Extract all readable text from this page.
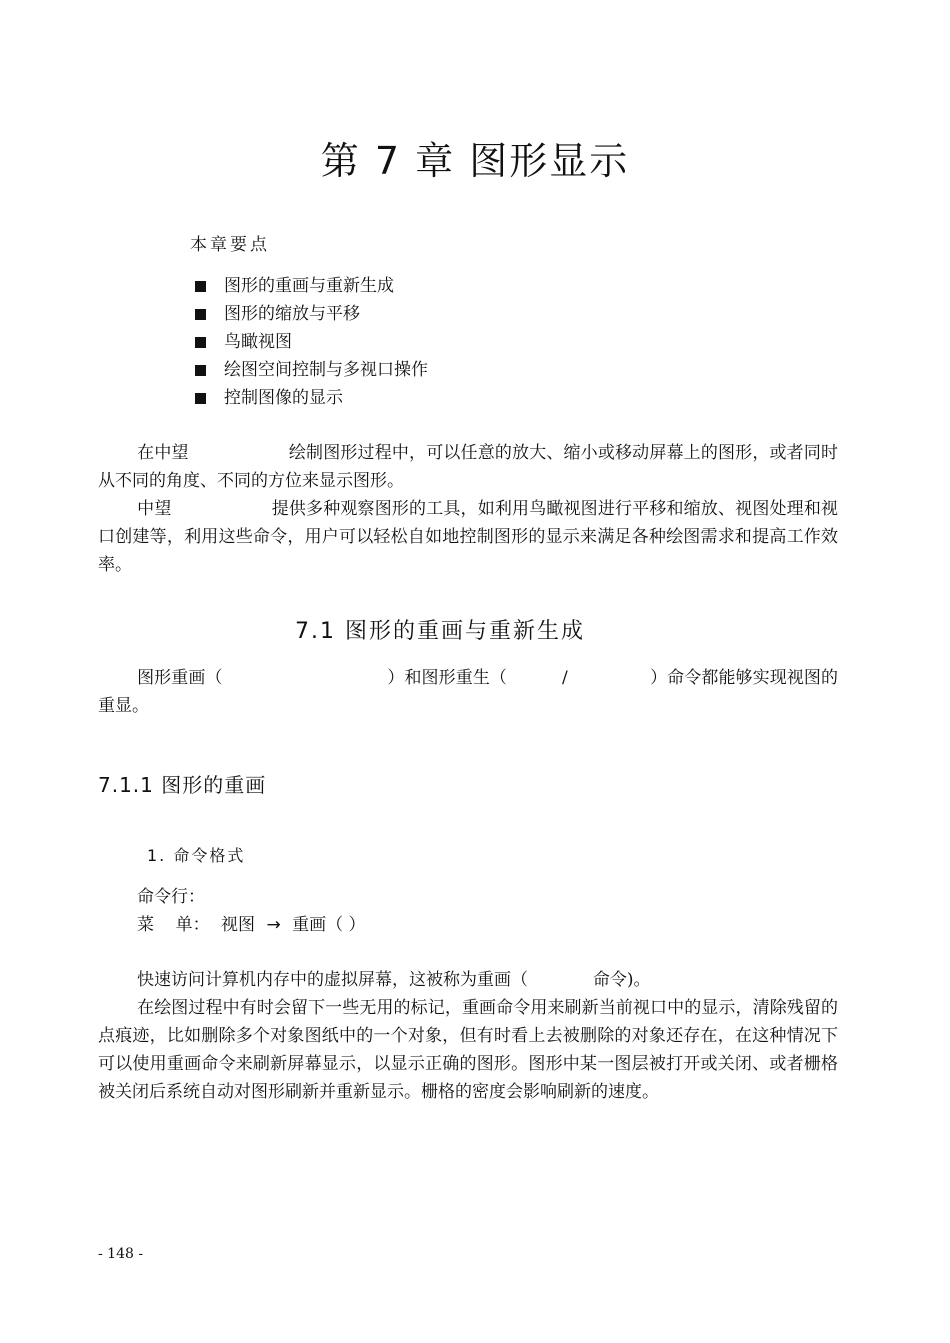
第 7 章 图形显示
本章要点
图形的重画与重新生成
图形的缩放与平移
鸟瞰视图
绘图空间控制与多视口操作
控制图像的显示

在中望                  绘制图形过程中，可以任意的放大、缩小或移动屏幕上的图形，或者同时从不同的角度、不同的方位来显示图形。

中望                  提供多种观察图形的工具，如利用鸟瞰视图进行平移和缩放、视图处理和视口创建等，利用这些命令，用户可以轻松自如地控制图形的显示来满足各种绘图需求和提高工作效率。

7.1 图形的重画与重新生成

图形重画（                              ）和图形重生（          /               ）命令都能够实现视图的重显。

7.1.1 图形的重画
1. 命令格式
命令行：
菜    单： 视图 → 重画（ ）

快速访问计算机内存中的虚拟屏幕，这被称为重画（            命令)。

在绘图过程中有时会留下一些无用的标记，重画命令用来刷新当前视口中的显示，清除残留的点痕迹，比如删除多个对象图纸中的一个对象，但有时看上去被删除的对象还存在，在这种情况下可以使用重画命令来刷新屏幕显示，以显示正确的图形。图形中某一图层被打开或关闭、或者栅格被关闭后系统自动对图形刷新并重新显示。栅格的密度会影响刷新的速度。

- 148 -
